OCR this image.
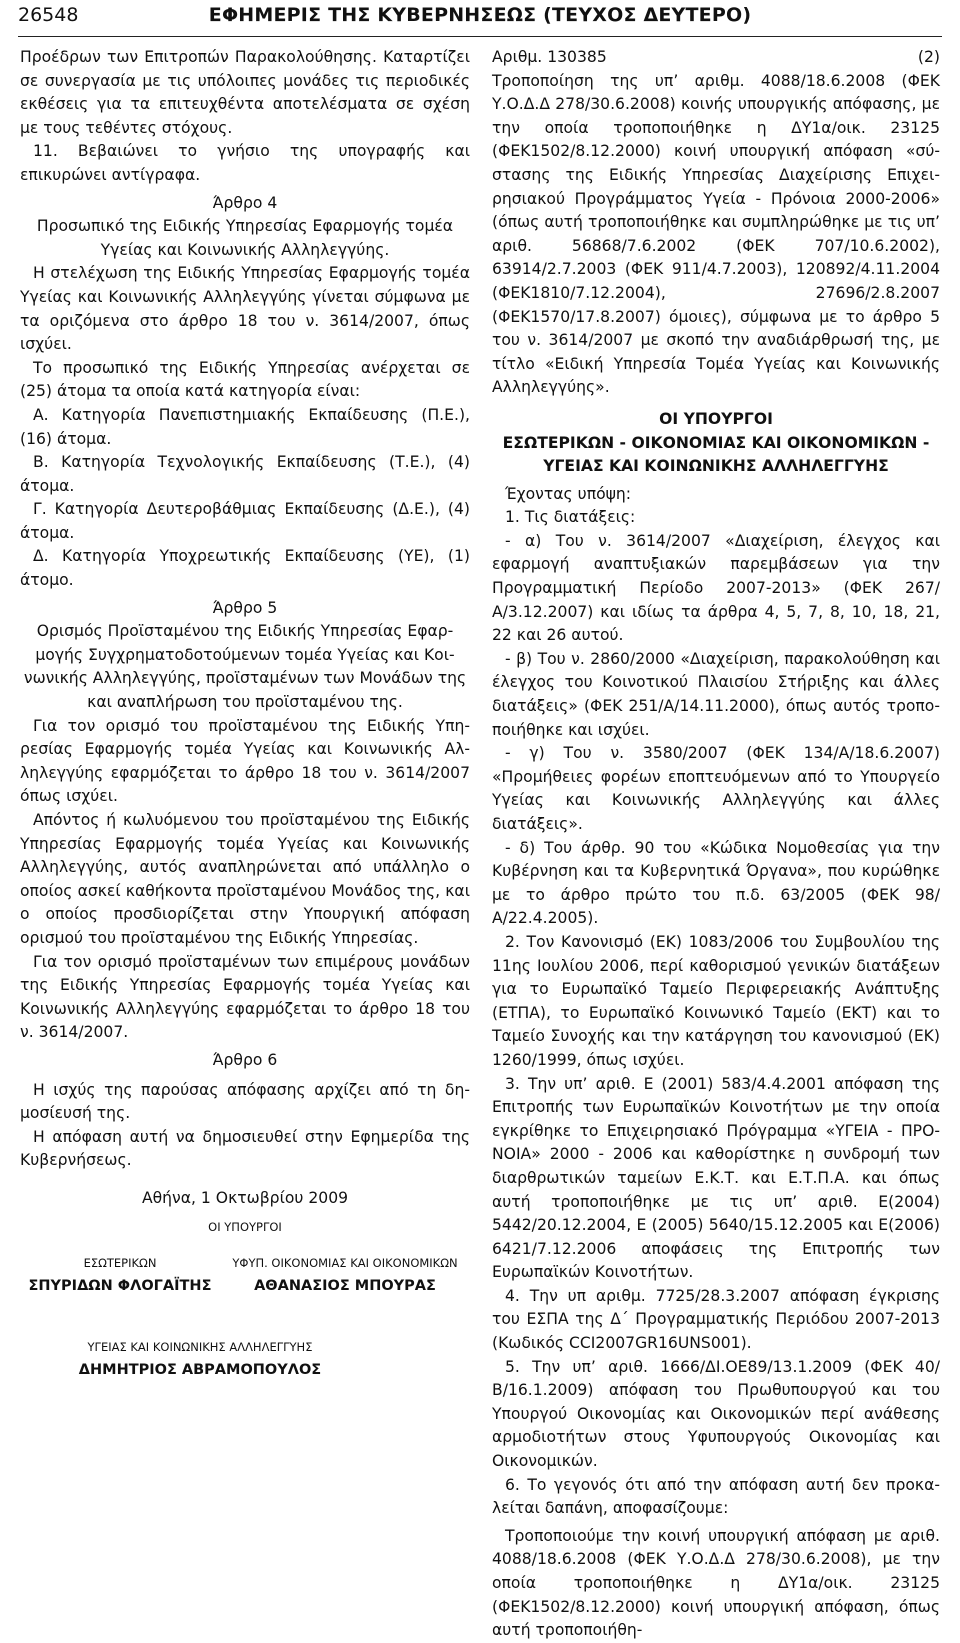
26548	ΕΦΗΜΕΡΙΣ ΤΗΣ ΚΥΒΕΡΝΗΣΕΩΣ (ΤΕΥΧΟΣ ΔΕΥΤΕΡΟ)

Προέδρων των Επιτροπών Παρακολούθησης. Καταρτίζει σε συνεργασία με τις υπόλοιπες μονάδες τις περιοδικές εκθέσεις για τα επιτευχθέντα αποτελέσματα σε σχέση με τους τεθέντες στόχους.

11. Βεβαιώνει το γνήσιο της υπογραφής και επικυρώνει αντίγραφα.

Άρθρο 4

Προσωπικό της Ειδικής Υπηρεσίας Εφαρμογής τομέα Υγείας και Κοινωνικής Αλληλεγγύης.

Η στελέχωση της Ειδικής Υπηρεσίας Εφαρμογής τομέα Υγείας και Κοινωνικής Αλληλεγγύης γίνεται σύμφωνα με τα οριζόμενα στο άρθρο 18 του ν. 3614/2007, όπως ισχύει.

Το προσωπικό της Ειδικής Υπηρεσίας ανέρχεται σε (25) άτομα τα οποία κατά κατηγορία είναι:

Α. Κατηγορία Πανεπιστημιακής Εκπαίδευσης (Π.Ε.), (16) άτομα.

Β. Κατηγορία Τεχνολογικής Εκπαίδευσης (Τ.Ε.), (4) άτομα.

Γ. Κατηγορία Δευτεροβάθμιας Εκπαίδευσης (Δ.Ε.), (4) άτομα.

Δ. Κατηγορία Υποχρεωτικής Εκπαίδευσης (ΥΕ), (1) άτομο.

Άρθρο 5

Ορισμός Προϊσταμένου της Ειδικής Υπηρεσίας Εφαρμογής Συγχρηματοδοτούμενων τομέα Υγείας και Κοινωνικής Αλληλεγγύης, προϊσταμένων των Μονάδων της και αναπλήρωση του προϊσταμένου της.

Για τον ορισμό του προϊσταμένου της Ειδικής Υπηρεσίας Εφαρμογής τομέα Υγείας και Κοινωνικής Αλληλεγγύης εφαρμόζεται το άρθρο 18 του ν. 3614/2007 όπως ισχύει.

Απόντος ή κωλυόμενου του προϊσταμένου της Ειδικής Υπηρεσίας Εφαρμογής τομέα Υγείας και Κοινωνικής Αλληλεγγύης, αυτός αναπληρώνεται από υπάλληλο ο οποίος ασκεί καθήκοντα προϊσταμένου Μονάδος της, και ο οποίος προσδιορίζεται στην Υπουργική απόφαση ορισμού του προϊσταμένου της Ειδικής Υπηρεσίας.

Για τον ορισμό προϊσταμένων των επιμέρους μονάδων της Ειδικής Υπηρεσίας Εφαρμογής τομέα Υγείας και Κοινωνικής Αλληλεγγύης εφαρμόζεται το άρθρο 18 του ν. 3614/2007.

Άρθρο 6

Η ισχύς της παρούσας απόφασης αρχίζει από τη δημοσίευσή της.

Η απόφαση αυτή να δημοσιευθεί στην Εφημερίδα της Κυβερνήσεως.

Αθήνα, 1 Οκτωβρίου 2009
ΟΙ ΥΠΟΥΡΓΟΙ
ΕΣΩΤΕΡΙΚΩΝ	ΥΦΥΠ. ΟΙΚΟΝΟΜΙΑΣ ΚΑΙ ΟΙΚΟΝΟΜΙΚΩΝ
ΣΠΥΡΙΔΩΝ ΦΛΟΓΑΪΤΗΣ	ΑΘΑΝΑΣΙΟΣ ΜΠΟΥΡΑΣ
ΥΓΕΙΑΣ ΚΑΙ ΚΟΙΝΩΝΙΚΗΣ ΑΛΛΗΛΕΓΓΥΗΣ
ΔΗΜΗΤΡΙΟΣ ΑΒΡΑΜΟΠΟΥΛΟΣ
Αριθμ. 130385	(2)

Τροποποίηση της υπ’ αριθμ. 4088/18.6.2008 (ΦΕΚ Υ.Ο.Δ.Δ 278/30.6.2008) κοινής υπουργικής απόφασης, με την οποία τροποποιήθηκε η ΔΥ1α/οικ. 23125 (ΦΕΚ1502/8.12.2000) κοινή υπουργική απόφαση «σύστασης της Ειδικής Υπηρεσίας Διαχείρισης Επιχειρησιακού Προγράμματος Υγεία - Πρόνοια 2000-2006» (όπως αυτή τροποποιήθηκε και συμπληρώθηκε με τις υπ’ αριθ. 56868/7.6.2002 (ΦΕΚ 707/10.6.2002), 63914/2.7.2003 (ΦΕΚ 911/4.7.2003), 120892/4.11.2004 (ΦΕΚ1810/7.12.2004), 27696/2.8.2007 (ΦΕΚ1570/17.8.2007) όμοιες), σύμφωνα με το άρθρο 5 του ν. 3614/2007 με σκοπό την αναδιάρθρωσή της, με τίτλο «Ειδική Υπηρεσία Τομέα Υγείας και Κοινωνικής Αλληλεγγύης».

ΟΙ ΥΠΟΥΡΓΟΙ

ΕΣΩΤΕΡΙΚΩΝ - ΟΙΚΟΝΟΜΙΑΣ ΚΑΙ ΟΙΚΟΝΟΜΙΚΩΝ - ΥΓΕΙΑΣ ΚΑΙ ΚΟΙΝΩΝΙΚΗΣ ΑΛΛΗΛΕΓΓΥΗΣ

Έχοντας υπόψη:

1. Τις διατάξεις:

- α) Του ν. 3614/2007 «Διαχείριση, έλεγχος και εφαρμογή αναπτυξιακών παρεμβάσεων για την Προγραμματική Περίοδο 2007-2013» (ΦΕΚ 267/Α/3.12.2007) και ιδίως τα άρθρα 4, 5, 7, 8, 10, 18, 21, 22 και 26 αυτού.

- β) Του ν. 2860/2000 «Διαχείριση, παρακολούθηση και έλεγχος του Κοινοτικού Πλαισίου Στήριξης και άλλες διατάξεις» (ΦΕΚ 251/Α/14.11.2000), όπως αυτός τροποποιήθηκε και ισχύει.

- γ) Του ν. 3580/2007 (ΦΕΚ 134/Α/18.6.2007) «Προμήθειες φορέων εποπτευόμενων από το Υπουργείο Υγείας και Κοινωνικής Αλληλεγγύης και άλλες διατάξεις».

- δ) Του άρθρ. 90 του «Κώδικα Νομοθεσίας για την Κυβέρνηση και τα Κυβερνητικά Όργανα», που κυρώθηκε με το άρθρο πρώτο του π.δ. 63/2005 (ΦΕΚ 98/Α/22.4.2005).

2. Τον Κανονισμό (ΕΚ) 1083/2006 του Συμβουλίου της 11ης Ιουλίου 2006, περί καθορισμού γενικών διατάξεων για το Ευρωπαϊκό Ταμείο Περιφερειακής Ανάπτυξης (ΕΤΠΑ), το Ευρωπαϊκό Κοινωνικό Ταμείο (ΕΚΤ) και το Ταμείο Συνοχής και την κατάργηση του κανονισμού (ΕΚ) 1260/1999, όπως ισχύει.

3. Την υπ’ αριθ. Ε (2001) 583/4.4.2001 απόφαση της Επιτροπής των Ευρωπαϊκών Κοινοτήτων με την οποία εγκρίθηκε το Επιχειρησιακό Πρόγραμμα «ΥΓΕΙΑ - ΠΡΟΝΟΙΑ» 2000 - 2006 και καθορίστηκε η συνδρομή των διαρθρωτικών ταμείων Ε.Κ.Τ. και Ε.Τ.Π.Α. και όπως αυτή τροποποιήθηκε με τις υπ’ αριθ. Ε(2004) 5442/20.12.2004, Ε (2005) 5640/15.12.2005 και Ε(2006) 6421/7.12.2006 αποφάσεις της Επιτροπής των Ευρωπαϊκών Κοινοτήτων.

4. Την υπ αριθμ. 7725/28.3.2007 απόφαση έγκρισης του ΕΣΠΑ της Δ΄ Προγραμματικής Περιόδου 2007-2013 (Κωδικός CCI2007GR16UNS001).

5. Την υπ’ αριθ. 1666/ΔΙ.ΟΕ89/13.1.2009 (ΦΕΚ 40/Β/16.1.2009) απόφαση του Πρωθυπουργού και του Υπουργού Οικονομίας και Οικονομικών περί ανάθεσης αρμοδιοτήτων στους Υφυπουργούς Οικονομίας και Οικονομικών.

6. Το γεγονός ότι από την απόφαση αυτή δεν προκαλείται δαπάνη, αποφασίζουμε:

Τροποποιούμε την κοινή υπουργική απόφαση με αριθ. 4088/18.6.2008 (ΦΕΚ Υ.Ο.Δ.Δ 278/30.6.2008), με την οποία τροποποιήθηκε η ΔΥ1α/οικ. 23125 (ΦΕΚ1502/8.12.2000) κοινή υπουργική απόφαση, όπως αυτή τροποποιήθη-
